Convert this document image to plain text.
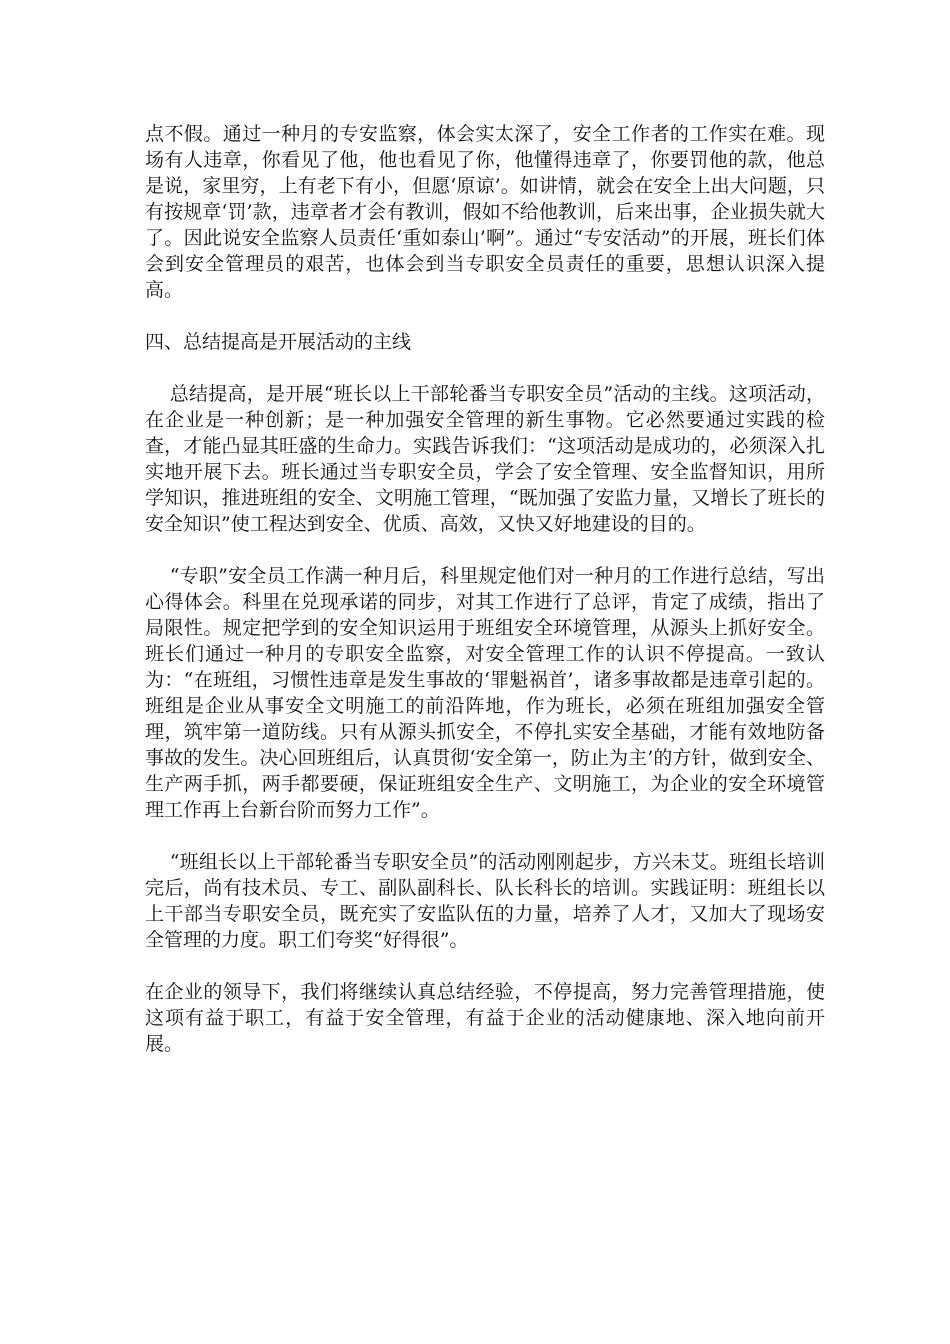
点不假。通过一种月的专安监察，体会实太深了，安全工作者的工作实在难。现场有人违章，你看见了他，他也看见了你，他懂得违章了，你要罚他的款，他总是说，家里穷，上有老下有小，但愿‘原谅’。如讲情，就会在安全上出大问题，只有按规章‘罚’款，违章者才会有教训，假如不给他教训，后来出事，企业损失就大了。因此说安全监察人员责任‘重如泰山’啊”。通过“专安活动”的开展，班长们体会到安全管理员的艰苦，也体会到当专职安全员责任的重要，思想认识深入提高。

四、总结提高是开展活动的主线

总结提高，是开展“班长以上干部轮番当专职安全员”活动的主线。这项活动，在企业是一种创新；是一种加强安全管理的新生事物。它必然要通过实践的检查，才能凸显其旺盛的生命力。实践告诉我们：“这项活动是成功的，必须深入扎实地开展下去。班长通过当专职安全员，学会了安全管理、安全监督知识，用所学知识，推进班组的安全、文明施工管理，“既加强了安监力量，又增长了班长的安全知识”使工程达到安全、优质、高效，又快又好地建设的目的。

“专职”安全员工作满一种月后，科里规定他们对一种月的工作进行总结，写出心得体会。科里在兑现承诺的同步，对其工作进行了总评，肯定了成绩，指出了局限性。规定把学到的安全知识运用于班组安全环境管理，从源头上抓好安全。班长们通过一种月的专职安全监察，对安全管理工作的认识不停提高。一致认为：“在班组，习惯性违章是发生事故的‘罪魁祸首’，诸多事故都是违章引起的。班组是企业从事安全文明施工的前沿阵地，作为班长，必须在班组加强安全管理，筑牢第一道防线。只有从源头抓安全，不停扎实安全基础，才能有效地防备事故的发生。决心回班组后，认真贯彻‘安全第一，防止为主’的方针，做到安全、生产两手抓，两手都要硬，保证班组安全生产、文明施工，为企业的安全环境管理工作再上台新台阶而努力工作”。

“班组长以上干部轮番当专职安全员”的活动刚刚起步，方兴未艾。班组长培训完后，尚有技术员、专工、副队副科长、队长科长的培训。实践证明：班组长以上干部当专职安全员，既充实了安监队伍的力量，培养了人才，又加大了现场安全管理的力度。职工们夸奖“好得很”。

在企业的领导下，我们将继续认真总结经验，不停提高，努力完善管理措施，使这项有益于职工，有益于安全管理，有益于企业的活动健康地、深入地向前开展。
